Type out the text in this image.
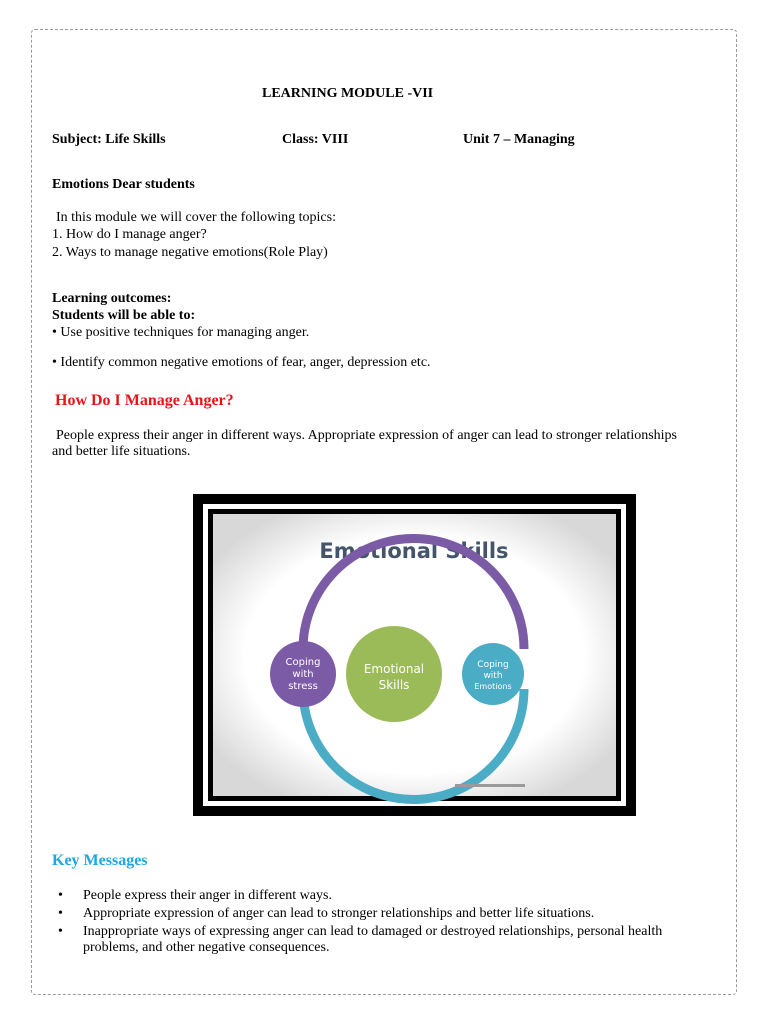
LEARNING MODULE -VII
Subject: Life Skills	Class: VIII	Unit 7 – Managing
Emotions Dear students
In this module we will cover the following topics:
1. How do I manage anger?
2. Ways to manage negative emotions(Role Play)
Learning outcomes:
Students will be able to:
• Use positive techniques for managing anger.
• Identify common negative emotions of fear, anger, depression etc.
How Do I Manage Anger?
People express their anger in different ways. Appropriate expression of anger can lead to stronger relationships and better life situations.
Emotional Skills
Coping
with
stress
Emotional
Skills
Coping
with
Emotions
Key Messages
• People express their anger in different ways.
• Appropriate expression of anger can lead to stronger relationships and better life situations.
• Inappropriate ways of expressing anger can lead to damaged or destroyed relationships, personal health problems, and other negative consequences.
